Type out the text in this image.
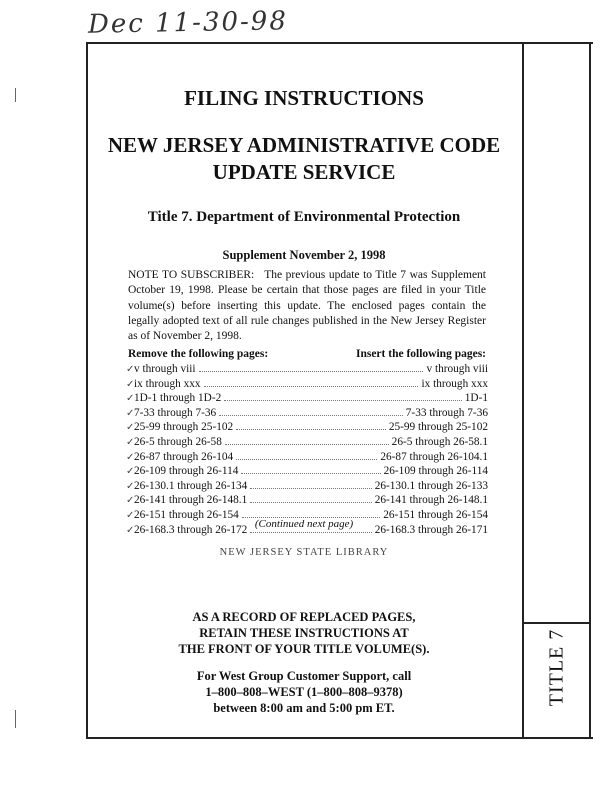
Dec 11-30-98
TITLE 7
FILING INSTRUCTIONS
NEW JERSEY ADMINISTRATIVE CODE
UPDATE SERVICE
Title 7. Department of Environmental Protection
Supplement November 2, 1998
NOTE TO SUBSCRIBER: The previous update to Title 7 was Supplement October 19, 1998. Please be certain that those pages are filed in your Title volume(s) before inserting this update. The enclosed pages contain the legally adopted text of all rule changes published in the New Jersey Register as of November 2, 1998.
Remove the following pages:	Insert the following pages:
✓ v through viii	v through viii
✓ ix through xxx	ix through xxx
✓ 1D-1 through 1D-2	1D-1
✓ 7-33 through 7-36	7-33 through 7-36
✓ 25-99 through 25-102	25-99 through 25-102
✓ 26-5 through 26-58	26-5 through 26-58.1
✓ 26-87 through 26-104	26-87 through 26-104.1
✓ 26-109 through 26-114	26-109 through 26-114
✓ 26-130.1 through 26-134	26-130.1 through 26-133
✓ 26-141 through 26-148.1	26-141 through 26-148.1
✓ 26-151 through 26-154	26-151 through 26-154
✓ 26-168.3 through 26-172	26-168.3 through 26-171
(Continued next page)
NEW JERSEY STATE LIBRARY
AS A RECORD OF REPLACED PAGES,
RETAIN THESE INSTRUCTIONS AT
THE FRONT OF YOUR TITLE VOLUME(S).
For West Group Customer Support, call
1–800–808–WEST (1–800–808–9378)
between 8:00 am and 5:00 pm ET.
